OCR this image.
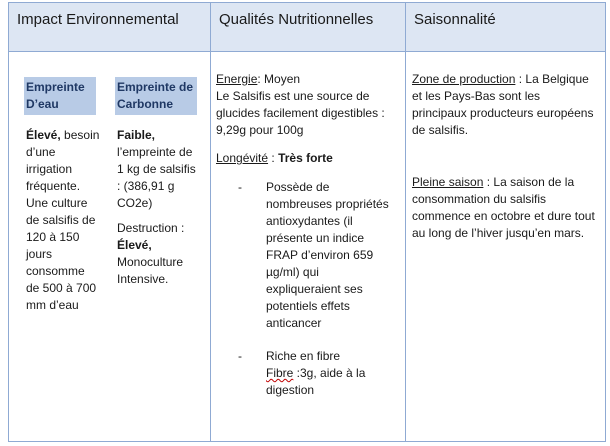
Impact Environnemental	Qualités Nutritionnelles	Saisonnalité
Empreinte D’eau
Élevé, besoin d’une irrigation fréquente. Une culture de salsifis de 120 à 150 jours consomme de 500 à 700 mm d’eau
Empreinte de Carbonne
Faible, l’empreinte de 1 kg de salsifis : (386,91 g CO2e)
Destruction :
Élevé, Monoculture Intensive.
Energie: Moyen
Le Salsifis est une source de glucides facilement digestibles : 9,29g pour 100g
Longévité : Très forte
- Possède de nombreuses propriétés antioxydantes (il présente un indice FRAP d’environ 659 µg/ml) qui expliqueraient ses potentiels effets anticancer
- Riche en fibre
Fibre :3g, aide à la digestion
Zone de production : La Belgique et les Pays-Bas sont les principaux producteurs européens de salsifis.
Pleine saison : La saison de la consommation du salsifis commence en octobre et dure tout au long de l’hiver jusqu’en mars.
